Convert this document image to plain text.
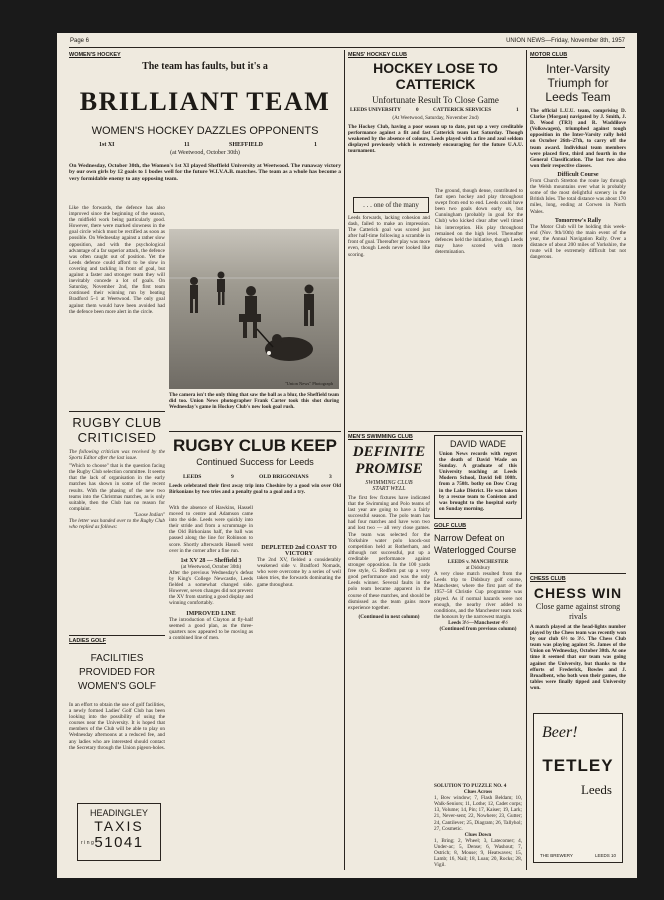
Page 6	UNION NEWS—Friday, November 8th, 1957
WOMEN'S HOCKEY
The team has faults, but it's a
BRILLIANT TEAM
WOMEN'S HOCKEY DAZZLES OPPONENTS
1st XI	11	SHEFFIELD	1
(at Weetwood, October 30th)
On Wednesday, October 30th, the Women's 1st XI played Sheffield University at Weetwood. The runaway victory by our own girls by 12 goals to 1 bodes well for the future W.I.V.A.B. matches. The team as a whole has become a very formidable enemy to any opposing team.
Like the forwards, the defence has also improved since the beginning of the season, the midfield work being particularly good. However, there were marked slowness in the goal circle which must be rectified as soon as possible. On Wednesday against a rather slow opposition, and with the psychological advantage of a far superior attack, the defence was often caught out of position. Yet the Leeds defence could afford to be slow in covering and tackling in front of goal, but against a faster and stronger team they will inevitably concede a lot of goals. On Saturday, November 2nd, the first team continued their winning run by beating Bradford 5–1 at Weetwood. The only goal against them would have been avoided had the defence been more alert in the circle.
"Union News" Photograph
The camera isn't the only thing that saw the ball as a blur, the Sheffield team did too. Union News photographer Frank Carter took this shot during Wednesday's game in Hockey Club's new look goal rush.
RUGBY CLUB CRITICISED
The following criticism was received by the Sports Editor after the last issue.
"Which to choose" that is the question facing the Rugby Club selection committee. It seems that the lack of organisation in the early matches has shown in some of the recent results. With the phasing of the new two teams into the Christmas matches, as is only suitable, then the Club has no reason for complaint.
"Loose Indian"
The letter was handed over to the Rugby Club who replied as follows:
LADIES GOLF
FACILITIES PROVIDED FOR WOMEN'S GOLF
In an effort to obtain the use of golf facilities, a newly formed Ladies' Golf Club has been looking into the possibility of using the courses near the University. It is hoped that members of the Club will be able to play on Wednesday afternoons at a reduced fee, and any ladies who are interested should contact the Secretary through the Union pigeon-holes.
HEADINGLEY
TAXIS
ring 51041
RUGBY CLUB KEEP
Continued Success for Leeds
LEEDS	9	OLD BRIGONIANS	3
Leeds celebrated their first away trip into Cheshire by a good win over Old Birkonians by two tries and a penalty goal to a goal and a try.
With the absence of Hawkins, Hassell moved to centre and Adamson came into the side. Leeds were quickly into their stride and from a scrummage in the Old Birkonians half, the ball was passed along the line for Robinson to score. Shortly afterwards Hassell went over in the corner after a fine run.
1st XV 28 — Sheffield 3
(at Weetwood, October 30th)
After the previous Wednesday's defeat by King's College Newcastle, Leeds fielded a somewhat changed side. However, seven changes did not prevent the XV from starting a good display and winning comfortably.
IMPROVED LINE
The introduction of Clayton at fly-half seemed a good plan, as the three-quarters now appeared to be moving as a combined line of men.
DEPLETED 2nd COAST TO VICTORY
The 2nd XV, fielded a considerably weakened side v. Bradford Nomads, who were overcome by a series of well taken tries, the forwards dominating the game throughout.
MENS' HOCKEY CLUB
HOCKEY LOSE TO CATTERICK
Unfortunate Result To Close Game
LEEDS UNIVERSITY	0	CATTERICK SERVICES	1
(At Weetwood, Saturday, November 2nd)
The Hockey Club, having a poor season up to date, put up a very creditable performance against a fit and fast Catterick team last Saturday. Though weakened by the absence of colours, Leeds played with a fire and zeal seldom displayed previously which is extremely encouraging for the future U.A.U. tournament.
. . . one of the many
Leeds forwards, lacking cohesion and dash, failed to make an impression. The Catterick goal was scored just after half-time following a scramble in front of goal. Thereafter play was more even, though Leeds never looked like scoring.
The ground, though dense, contributed to fast open hockey and play throughout swept from end to end. Leeds could have been two goals down early on, but Cunningham (probably in goal for the Club) who kicked clear after well timed his interception. His play throughout remained on the high level. Thereafter defences held the initiative, though Leeds may have scored with more determination.
MEN'S SWIMMING CLUB
DEFINITE PROMISE
SWIMMING CLUB
START WELL
The first few fixtures have indicated that the Swimming and Polo teams of last year are going to have a fairly successful season. The polo team has had four matches and have won two and lost two — all very close games. The team was selected for the Yorkshire water polo knock-out competition held at Rotherham, and although not successful, put up a creditable performance against stronger opposition. In the 100 yards free style, G. Redfern put up a very good performance and was the only Leeds winner. Several faults in the polo team became apparent in the course of these matches, and should be dismissed as the team gains more experience together.
(Continued in next column)
DAVID WADE
Union News records with regret the death of David Wade on Sunday. A graduate of this University teaching at Leeds Modern School, David fell 100ft. from a 750ft. bothy on Dow Crag in the Lake District. He was taken by a rescue team to Coniston and was brought to the hospital early on Sunday morning.
GOLF CLUB
Narrow Defeat on Waterlogged Course
LEEDS v. MANCHESTER
at Didsbury
A very close match resulted from the Leeds trip to Didsbury golf course, Manchester, where the first part of the 1957–58 Christie Cup programme was played. As if normal hazards were not enough, the nearby river added to conditions, and the Manchester team took the honours by the narrowest margin.
Leeds 3½—Manchester 4½
(Continued from previous column)
SOLUTION TO PUZZLE NO. 4
Clues Across
1, Bow window; 7, Flash Beldam; 10, Walk-Seniors; 11, Lothe; 12, Cadet corps; 13, Volume; 14, Pin; 17, Kaiser; 19, Lark; 21, Never-sent; 22, Nowhere; 23, Gutter; 24, Cantilever; 25, Diagram; 26, Tallyhol; 27, Cosmetic.
Clues Down
1, Bring; 2, Wheel; 3, Latecomer; 4, Under-ac; 5, Dense; 6, Washout; 7, Ostrich; 8, Mouse; 9, Heatwaves; 15, Lamb; 16, Nail; 18, Loan; 20, Rocks; 28, Vigil.
MOTOR CLUB
Inter-Varsity Triumph for Leeds Team
The official L.U.U. team, comprising D. Clarke (Morgan) navigated by J. Smith, J. D. Wood (TR3) and R. Waddilove (Volkswagen), triumphed against tough opposition in the Inter-Varsity rally held on October 26th–27th, to carry off the team award. Individual team members were placed first, third and fourth in the General Classification. The last two also won their respective classes.
Difficult Course
From Church Stretton the route lay through the Welsh mountains over what is probably some of the most delightful scenery in the British Isles. The total distance was about 170 miles, long, ending at Corwen in North Wales.
Tomorrow's Rally
The Motor Club will be holding this week-end (Nov. 9th/10th) the main event of the year, the Annual Navigation Rally. Over a distance of about 200 miles of Yorkshire, the route will be extremely difficult but not dangerous.
CHESS CLUB
CHESS WIN
Close game against strong rivals
A match played at the head-lights number played by the Chess team was recently won by our club 6½ to 3½. The Chess Club team was playing against St. James of the Union on Wednesday, October 30th. At one time it seemed that our team was going against the University, but thanks to the efforts of Frederick, Bowles and J. Broadbent, who both won their games, the tables were finally tipped and University won.
Beer!
TETLEY
Leeds
THE BREWERY	LEEDS 10
